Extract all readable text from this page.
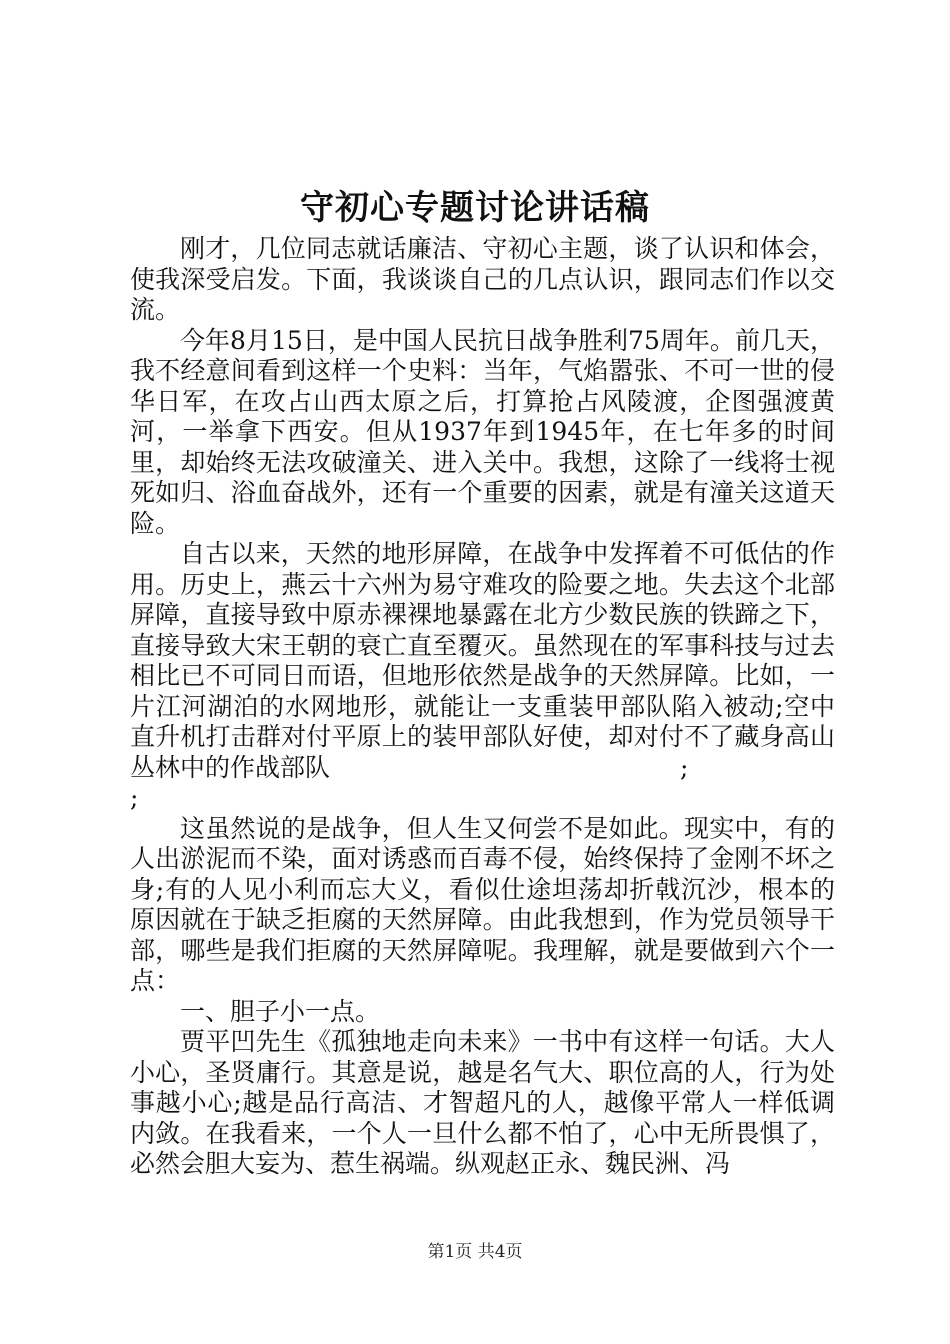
守初心专题讨论讲话稿

刚才，几位同志就话廉洁、守初心主题，谈了认识和体会，使我深受启发。下面，我谈谈自己的几点认识，跟同志们作以交流。

今年8月15日，是中国人民抗日战争胜利75周年。前几天，我不经意间看到这样一个史料：当年，气焰嚣张、不可一世的侵华日军，在攻占山西太原之后，打算抢占风陵渡，企图强渡黄河，一举拿下西安。但从1937年到1945年，在七年多的时间里，却始终无法攻破潼关、进入关中。我想，这除了一线将士视死如归、浴血奋战外，还有一个重要的因素，就是有潼关这道天险。

自古以来，天然的地形屏障，在战争中发挥着不可低估的作用。历史上，燕云十六州为易守难攻的险要之地。失去这个北部屏障，直接导致中原赤裸裸地暴露在北方少数民族的铁蹄之下，直接导致大宋王朝的衰亡直至覆灭。虽然现在的军事科技与过去相比已不可同日而语，但地形依然是战争的天然屏障。比如，一片江河湖泊的水网地形，就能让一支重装甲部队陷入被动;空中直升机打击群对付平原上的装甲部队好使，却对付不了藏身高山丛林中的作战部队　　　　　　　　　　　　　　;

;

这虽然说的是战争，但人生又何尝不是如此。现实中，有的人出淤泥而不染，面对诱惑而百毒不侵，始终保持了金刚不坏之身;有的人见小利而忘大义，看似仕途坦荡却折戟沉沙，根本的原因就在于缺乏拒腐的天然屏障。由此我想到，作为党员领导干部，哪些是我们拒腐的天然屏障呢。我理解，就是要做到六个一点：

一、胆子小一点。

贾平凹先生《孤独地走向未来》一书中有这样一句话。大人小心，圣贤庸行。其意是说，越是名气大、职位高的人，行为处事越小心;越是品行高洁、才智超凡的人，越像平常人一样低调内敛。在我看来，一个人一旦什么都不怕了，心中无所畏惧了，必然会胆大妄为、惹生祸端。纵观赵正永、魏民洲、冯

第1页 共4页
